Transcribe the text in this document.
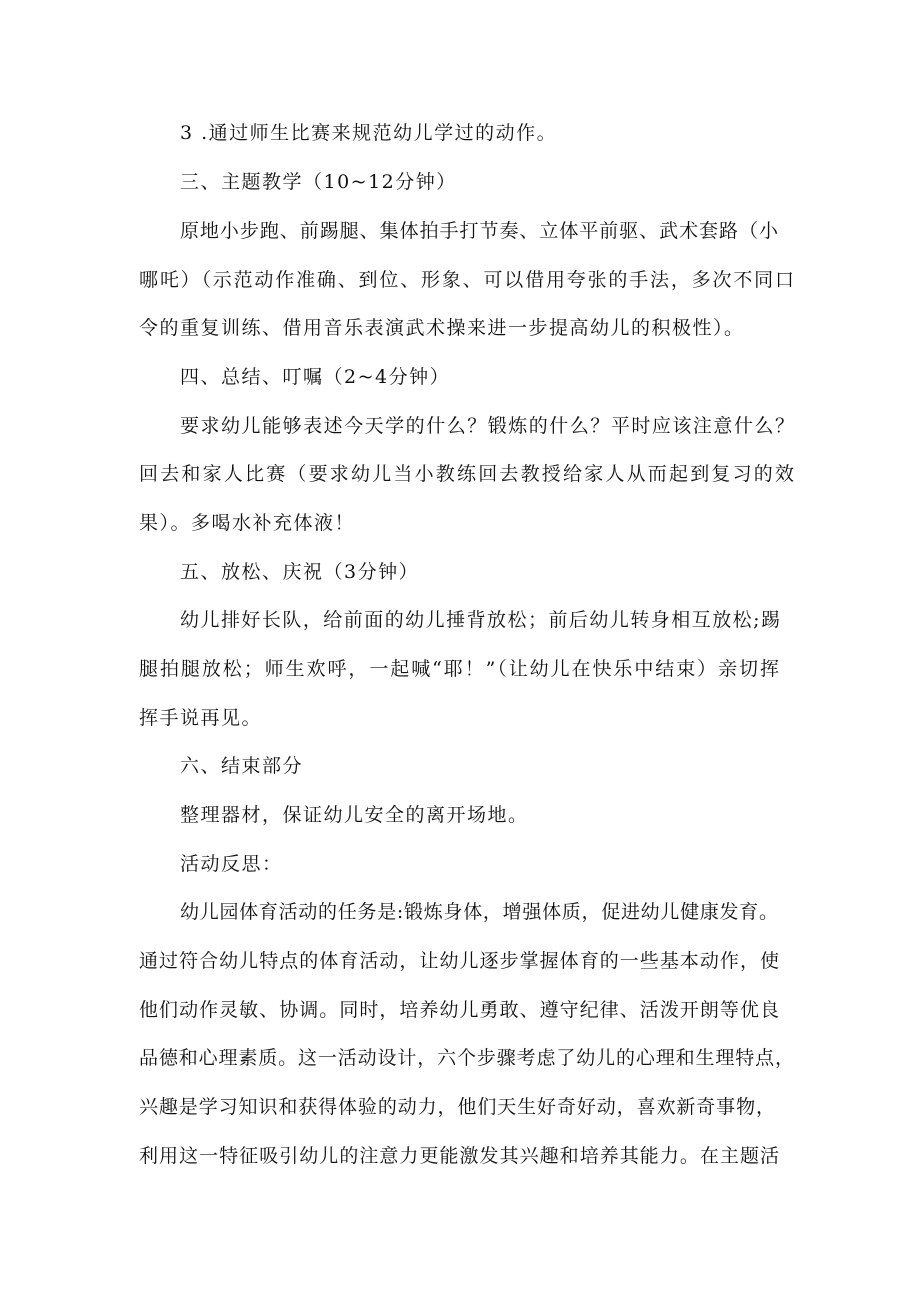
3 .通过师生比赛来规范幼儿学过的动作。
三、主题教学（10~12分钟）
原地小步跑、前踢腿、集体拍手打节奏、立体平前驱、武术套路（小
哪吒）（示范动作准确、到位、形象、可以借用夸张的手法，多次不同口
令的重复训练、借用音乐表演武术操来进一步提高幼儿的积极性）。
四、总结、叮嘱（2~4分钟）
要求幼儿能够表述今天学的什么？锻炼的什么？平时应该注意什么？
回去和家人比赛（要求幼儿当小教练回去教授给家人从而起到复习的效
果）。多喝水补充体液！
五、放松、庆祝（3分钟）
幼儿排好长队，给前面的幼儿捶背放松；前后幼儿转身相互放松;踢
腿拍腿放松；师生欢呼，一起喊“耶！”（让幼儿在快乐中结束）亲切挥
挥手说再见。
六、结束部分
整理器材，保证幼儿安全的离开场地。
活动反思：
幼儿园体育活动的任务是:锻炼身体，增强体质，促进幼儿健康发育。
通过符合幼儿特点的体育活动，让幼儿逐步掌握体育的一些基本动作，使
他们动作灵敏、协调。同时，培养幼儿勇敢、遵守纪律、活泼开朗等优良
品德和心理素质。这一活动设计，六个步骤考虑了幼儿的心理和生理特点，
兴趣是学习知识和获得体验的动力，他们天生好奇好动，喜欢新奇事物，
利用这一特征吸引幼儿的注意力更能激发其兴趣和培养其能力。在主题活
